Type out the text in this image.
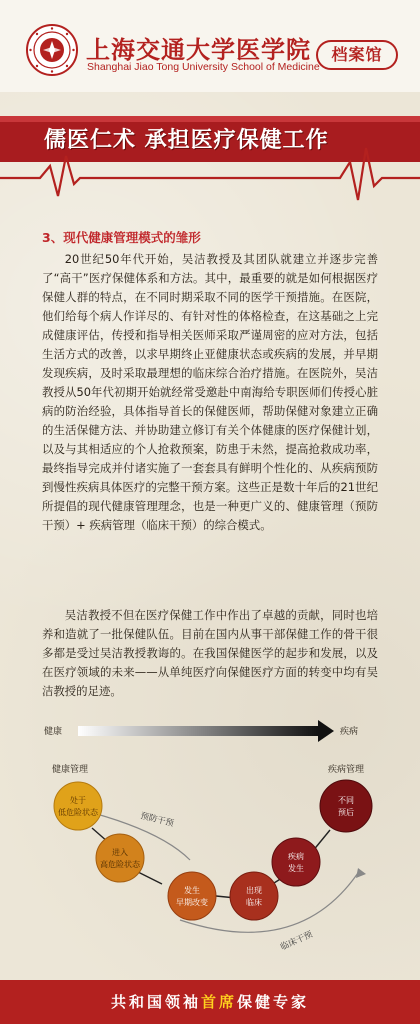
上海交通大学医学院
Shanghai Jiao Tong University School of Medicine
档案馆
儒医仁术 承担医疗保健工作
3、现代健康管理模式的雏形

20世纪50年代开始，吴洁教授及其团队就建立并逐步完善了“高干”医疗保健体系和方法。其中，最重要的就是如何根据医疗保健人群的特点，在不同时期采取不同的医学干预措施。在医院，他们给每个病人作详尽的、有针对性的体格检查，在这基础之上完成健康评估，传授和指导相关医师采取严谨周密的应对方法，包括生活方式的改善，以求早期终止亚健康状态或疾病的发展，并早期发现疾病，及时采取最理想的临床综合治疗措施。在医院外，吴洁教授从50年代初期开始就经常受邀赴中南海给专职医师们传授心脏病的防治经验，具体指导首长的保健医师，帮助保健对象建立正确的生活保健方法、并协助建立修订有关个体健康的医疗保健计划，以及与其相适应的个人抢救预案，防患于未然，提高抢救成功率，最终指导完成并付诸实施了一套套具有鲜明个性化的、从疾病预防到慢性疾病具体医疗的完整干预方案。这些正是数十年后的21世纪所提倡的现代健康管理理念，也是一种更广义的、健康管理（预防干预）+ 疾病管理（临床干预）的综合模式。

吴洁教授不但在医疗保健工作中作出了卓越的贡献，同时也培养和造就了一批保健队伍。目前在国内从事干部保健工作的骨干很多都是受过吴洁教授教诲的。在我国保健医学的起步和发展，以及在医疗领域的未来——从单纯医疗向保健医疗方面的转变中均有吴洁教授的足迹。

健康	疾病
健康管理	疾病管理
预防干预
临床干预
处于
低危险状态
进入
高危险状态
发生
早期改变
出现
临床
疾病
发生
不同
预后
共和国领袖首席保健专家
